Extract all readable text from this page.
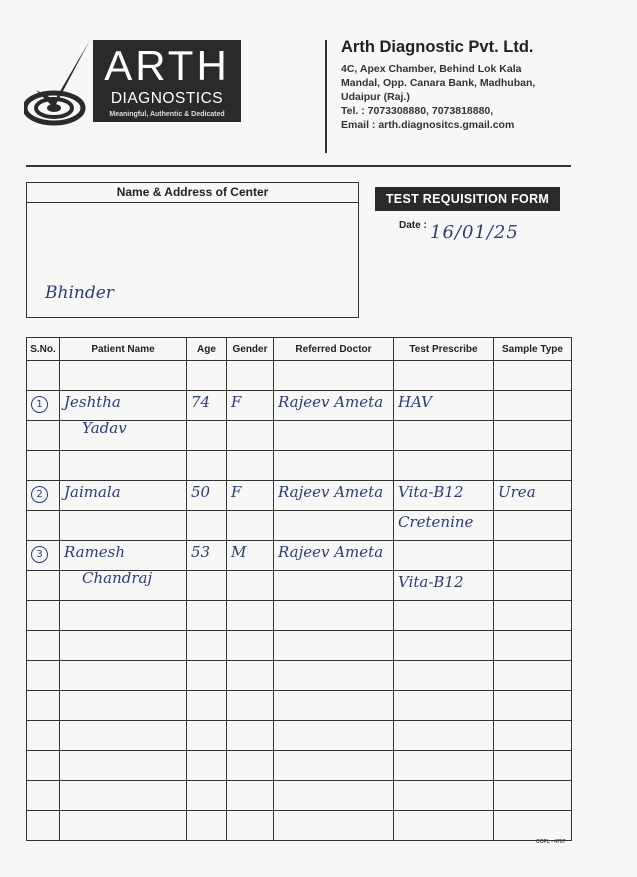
ARTH
DIAGNOSTICS
Meaningful, Authentic & Dedicated
Arth Diagnostic Pvt. Ltd.
4C, Apex Chamber, Behind Lok Kala
Mandal, Opp. Canara Bank, Madhuban,
Udaipur (Raj.)
Tel. : 7073308880, 7073818880,
Email : arth.diagnositcs.gmail.com
Name & Address of Center
Bhinder
TEST REQUISITION FORM
Date : 16/01/25
S.No.	Patient Name	Age	Gender	Referred Doctor	Test Prescribe	Sample Type

1	Jeshtha	74	F	Rajeev Ameta	HAV	

	Yadav					

2	Jaimala	50	F	Rajeev Ameta	Vita-B12	Urea

					Cretenine	

3	Ramesh	53	M	Rajeev Ameta		

	Chandraj				Vita-B12	

COPL - 4707
